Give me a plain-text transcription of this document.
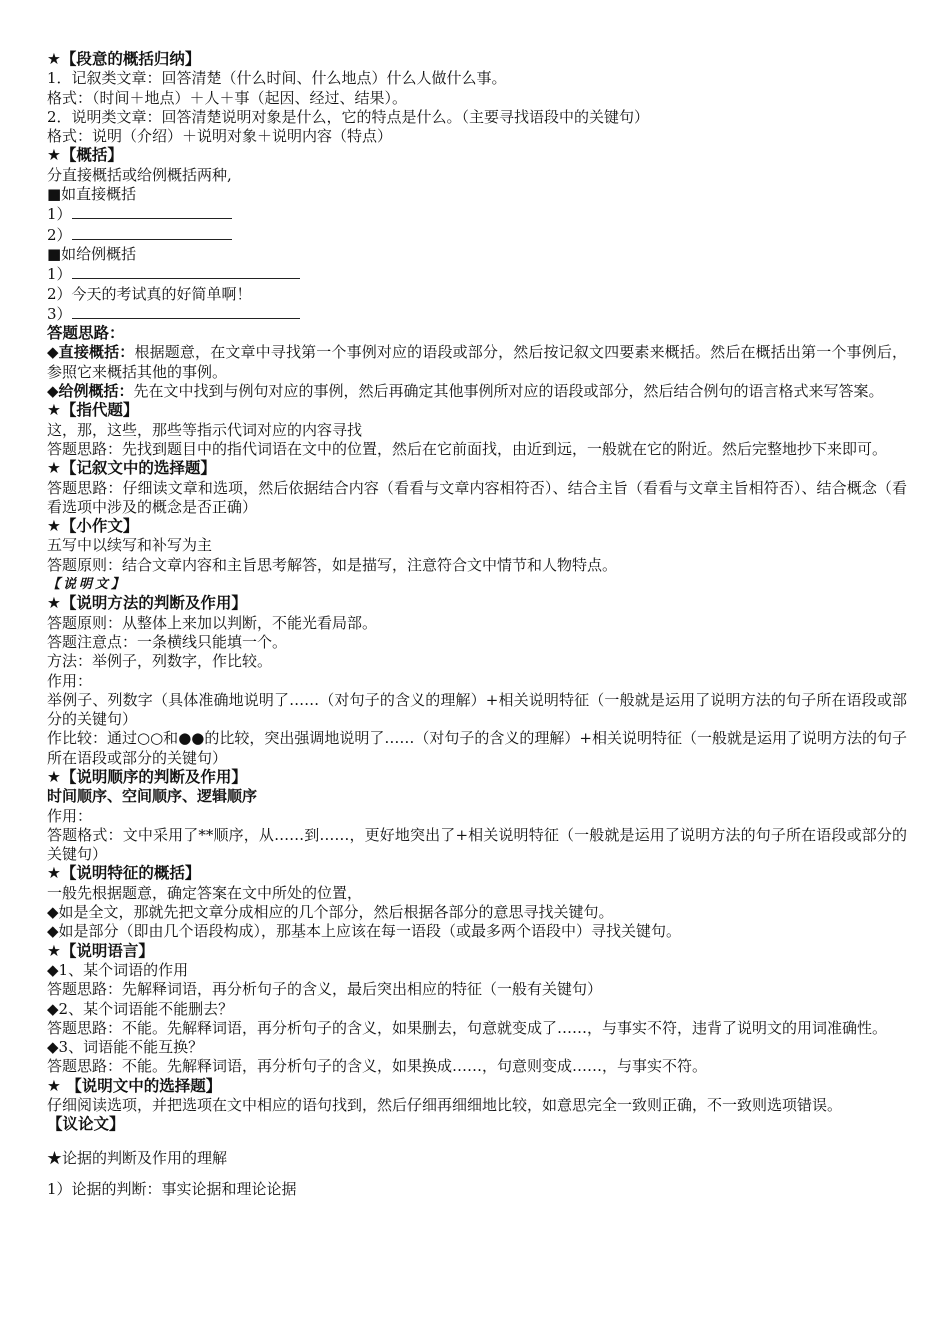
★【段意的概括归纳】
1．记叙类文章：回答清楚（什么时间、什么地点）什么人做什么事。
格式：（时间＋地点）＋人＋事（起因、经过、结果）。
2．说明类文章：回答清楚说明对象是什么，它的特点是什么。（主要寻找语段中的关键句）
格式：说明（介绍）＋说明对象＋说明内容（特点）
★【概括】
分直接概括或给例概括两种,
■如直接概括
1）
2）
■如给例概括
1）
2）今天的考试真的好简单啊！
3）
答题思路：
◆直接概括：根据题意，在文章中寻找第一个事例对应的语段或部分，然后按记叙文四要素来概括。然后在概括出第一个事例后，参照它来概括其他的事例。
◆给例概括：先在文中找到与例句对应的事例，然后再确定其他事例所对应的语段或部分，然后结合例句的语言格式来写答案。
★【指代题】
这，那，这些，那些等指示代词对应的内容寻找
答题思路：先找到题目中的指代词语在文中的位置，然后在它前面找，由近到远，一般就在它的附近。然后完整地抄下来即可。
★【记叙文中的选择题】
答题思路：仔细读文章和选项，然后依据结合内容（看看与文章内容相符否）、结合主旨（看看与文章主旨相符否）、结合概念（看看选项中涉及的概念是否正确）
★【小作文】
五写中以续写和补写为主
答题原则：结合文章内容和主旨思考解答，如是描写，注意符合文中情节和人物特点。
【说明文】
★【说明方法的判断及作用】
答题原则：从整体上来加以判断，不能光看局部。
答题注意点：一条横线只能填一个。
方法：举例子，列数字，作比较。
作用：
举例子、列数字（具体准确地说明了……（对句子的含义的理解）+相关说明特征（一般就是运用了说明方法的句子所在语段或部分的关键句）
作比较：通过○○和●●的比较，突出强调地说明了……（对句子的含义的理解）+相关说明特征（一般就是运用了说明方法的句子所在语段或部分的关键句）
★【说明顺序的判断及作用】
时间顺序、空间顺序、逻辑顺序
作用：
答题格式：文中采用了**顺序，从……到……，更好地突出了+相关说明特征（一般就是运用了说明方法的句子所在语段或部分的关键句）
★【说明特征的概括】
一般先根据题意，确定答案在文中所处的位置，
◆如是全文，那就先把文章分成相应的几个部分，然后根据各部分的意思寻找关键句。
◆如是部分（即由几个语段构成），那基本上应该在每一语段（或最多两个语段中）寻找关键句。
★【说明语言】
◆1、某个词语的作用
答题思路：先解释词语，再分析句子的含义，最后突出相应的特征（一般有关键句）
◆2、某个词语能不能删去？
答题思路：不能。先解释词语，再分析句子的含义，如果删去，句意就变成了……，与事实不符，违背了说明文的用词准确性。
◆3、词语能不能互换？
答题思路：不能。先解释词语，再分析句子的含义，如果换成……，句意则变成……，与事实不符。
★ 【说明文中的选择题】
仔细阅读选项，并把选项在文中相应的语句找到，然后仔细再细细地比较，如意思完全一致则正确，不一致则选项错误。
【议论文】
★论据的判断及作用的理解
1）论据的判断：事实论据和理论论据
